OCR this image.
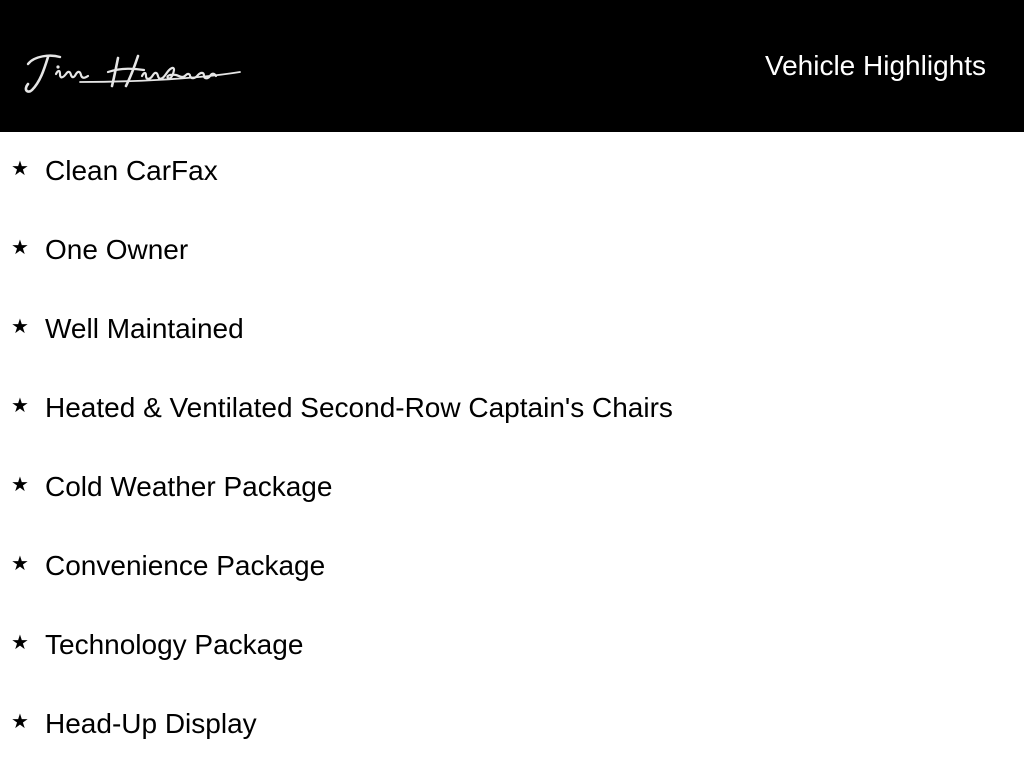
Vehicle Highlights
★ Clean CarFax
★ One Owner
★ Well Maintained
★ Heated & Ventilated Second-Row Captain's Chairs
★ Cold Weather Package
★ Convenience Package
★ Technology Package
★ Head-Up Display
